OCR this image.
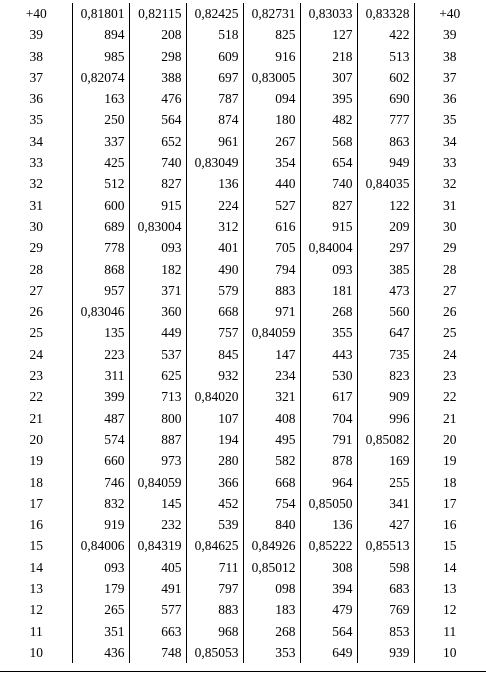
+40	0,81801	0,82115	0,82425	0,82731	0,83033	0,83328	+40
39	894	208	518	825	127	422	39
38	985	298	609	916	218	513	38
37	0,82074	388	697	0,83005	307	602	37
36	163	476	787	094	395	690	36
35	250	564	874	180	482	777	35
34	337	652	961	267	568	863	34
33	425	740	0,83049	354	654	949	33
32	512	827	136	440	740	0,84035	32
31	600	915	224	527	827	122	31
30	689	0,83004	312	616	915	209	30
29	778	093	401	705	0,84004	297	29
28	868	182	490	794	093	385	28
27	957	371	579	883	181	473	27
26	0,83046	360	668	971	268	560	26
25	135	449	757	0,84059	355	647	25
24	223	537	845	147	443	735	24
23	311	625	932	234	530	823	23
22	399	713	0,84020	321	617	909	22
21	487	800	107	408	704	996	21
20	574	887	194	495	791	0,85082	20
19	660	973	280	582	878	169	19
18	746	0,84059	366	668	964	255	18
17	832	145	452	754	0,85050	341	17
16	919	232	539	840	136	427	16
15	0,84006	0,84319	0,84625	0,84926	0,85222	0,85513	15
14	093	405	711	0,85012	308	598	14
13	179	491	797	098	394	683	13
12	265	577	883	183	479	769	12
11	351	663	968	268	564	853	11
10	436	748	0,85053	353	649	939	10
